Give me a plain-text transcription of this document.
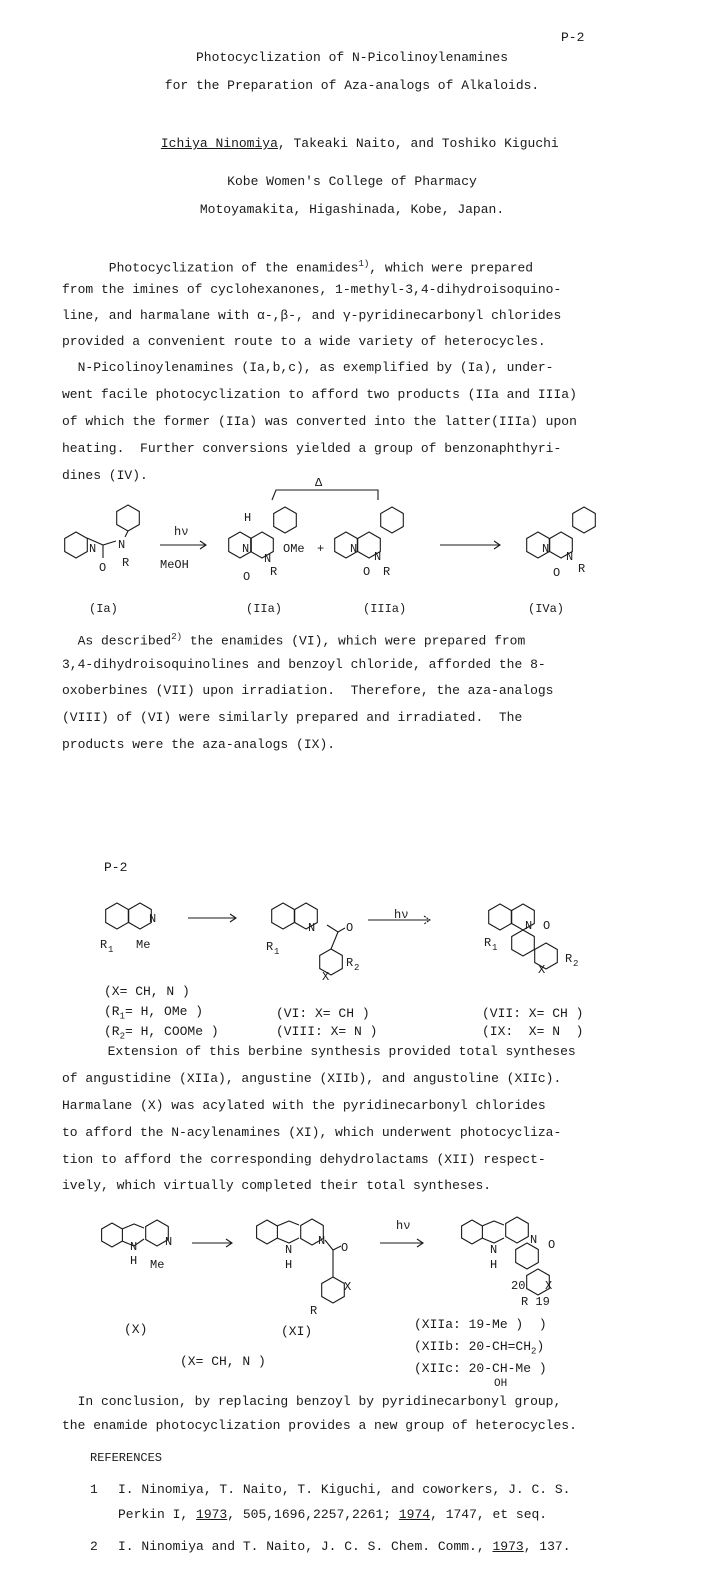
P-2
Photocyclization of N-Picolinoylenamines
for the Preparation of Aza-analogs of Alkaloids.

Ichiya Ninomiya, Takeaki Naito, and Toshiko Kiguchi

Kobe Women's College of Pharmacy
Motoyamakita, Higashinada, Kobe, Japan.
Photocyclization of the enamides$^{1)}$, which were prepared
from the imines of cyclohexanones, 1-methyl-3,4-dihydroisoquino-
line, and harmalane with α-,β-, and γ-pyridinecarbonyl chlorides
provided a convenient route to a wide variety of heterocycles.
N-Picolinoylenamines (Ia,b,c), as exemplified by (Ia), under-
went facile photocyclization to afford two products (IIa and IIIa)
of which the former (IIa) was converted into the latter(IIIa) upon
heating.  Further conversions yielded a group of benzonaphthyri-
dines (IV).
As described$^{2)}$ the enamides (VI), which were prepared from
3,4-dihydroisoquinolines and benzoyl chloride, afforded the 8-
oxoberbines (VII) upon irradiation.  Therefore, the aza-analogs
(VIII) of (VI) were similarly prepared and irradiated.  The
products were the aza-analogs (IX).
P-2
(X= CH, N )
($R_1= H$, OMe )
($R_2= H$, COOMe )
(VI: X= CH )
(VIII: X= N )
(VII: X= CH )
(IX:  X= N  )
Extension of this berbine synthesis provided total syntheses
of angustidine (XIIa), angustine (XIIb), and angustoline (XIIc).
Harmalane (X) was acylated with the pyridinecarbonyl chlorides
to afford the N-acylenamines (XI), which underwent photocycliza-
tion to afford the corresponding dehydrolactams (XII) respect-
ively, which virtually completed their total syntheses.
(X)	(XI)
(X= CH, N )
(XIIa: 19-Me )  )
(XIIb: $20-CH=CH_2$)
(XIIc: 20-CH-Me )
OH
In conclusion, by replacing benzoyl by pyridinecarbonyl group,
the enamide photocyclization provides a new group of heterocycles.
REFERENCES
1 I. Ninomiya, T. Naito, T. Kiguchi, and coworkers, J. C. S.
Perkin I, 1973, 505,1696,2257,2261; 1974, 1747, et seq.
2 I. Ninomiya and T. Naito, J. C. S. Chem. Comm., 1973, 137.
N N
O R
hν
MeOH
Δ
N
N
H
OMe
O R
+ N
N
O R
N
N
O R
(Ia)	(IIa)	(IIIa)	(IVa)
N
R 1 Me
N	O
X
R 2
R 1
hν
N O
X
R 2
R 1
N
H Me
N
N
H
N O
X
R
hν
N
H
N O
20 X
R 19
